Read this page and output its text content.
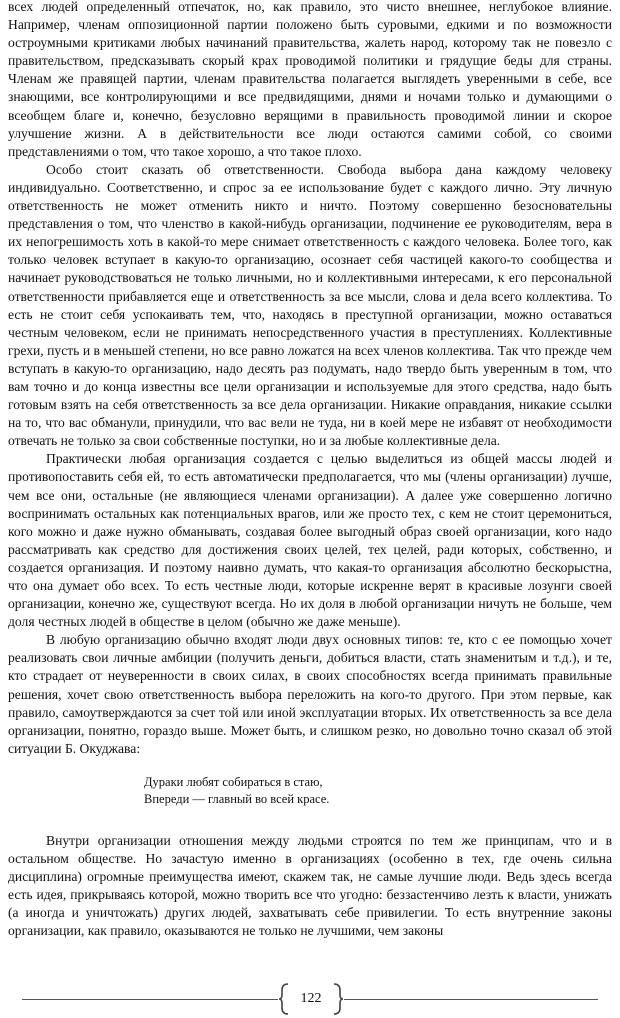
всех людей определенный отпечаток, но, как правило, это чисто внешнее, неглубокое влияние. Например, членам оппозиционной партии положено быть суровыми, едкими и по возможности остроумными критиками любых начинаний правительства, жалеть народ, которому так не повезло с правительством, предсказывать скорый крах проводимой политики и грядущие беды для страны. Членам же правящей партии, членам правительства полагается выглядеть уверенными в себе, все знающими, все контролирующими и все предвидящими, днями и ночами только и думающими о всеобщем благе и, конечно, безусловно верящими в правильность проводимой линии и скорое улучшение жизни. А в действительности все люди остаются самими собой, со своими представлениями о том, что такое хорошо, а что такое плохо.

Особо стоит сказать об ответственности. Свобода выбора дана каждому человеку индивидуально. Соответственно, и спрос за ее использование будет с каждого лично. Эту личную ответственность не может отменить никто и ничто. Поэтому совершенно безосновательны представления о том, что членство в какой-нибудь организации, подчинение ее руководителям, вера в их непогрешимость хоть в какой-то мере снимает ответственность с каждого человека. Более того, как только человек вступает в какую-то организацию, осознает себя частицей какого-то сообщества и начинает руководствоваться не только личными, но и коллективными интересами, к его персональной ответственности прибавляется еще и ответственность за все мысли, слова и дела всего коллектива. То есть не стоит себя успокаивать тем, что, находясь в преступной организации, можно оставаться честным человеком, если не принимать непосредственного участия в преступлениях. Коллективные грехи, пусть и в меньшей степени, но все равно ложатся на всех членов коллектива. Так что прежде чем вступать в какую-то организацию, надо десять раз подумать, надо твердо быть уверенным в том, что вам точно и до конца известны все цели организации и используемые для этого средства, надо быть готовым взять на себя ответственность за все дела организации. Никакие оправдания, никакие ссылки на то, что вас обманули, принудили, что вас вели не туда, ни в коей мере не избавят от необходимости отвечать не только за свои собственные поступки, но и за любые коллективные дела.

Практически любая организация создается с целью выделиться из общей массы людей и противопоставить себя ей, то есть автоматически предполагается, что мы (члены организации) лучше, чем все они, остальные (не являющиеся членами организации). А далее уже совершенно логично воспринимать остальных как потенциальных врагов, или же просто тех, с кем не стоит церемониться, кого можно и даже нужно обманывать, создавая более выгодный образ своей организации, кого надо рассматривать как средство для достижения своих целей, тех целей, ради которых, собственно, и создается организация. И поэтому наивно думать, что какая-то организация абсолютно бескорыстна, что она думает обо всех. То есть честные люди, которые искренне верят в красивые лозунги своей организации, конечно же, существуют всегда. Но их доля в любой организации ничуть не больше, чем доля честных людей в обществе в целом (обычно же даже меньше).

В любую организацию обычно входят люди двух основных типов: те, кто с ее помощью хочет реализовать свои личные амбиции (получить деньги, добиться власти, стать знаменитым и т.д.), и те, кто страдает от неуверенности в своих силах, в своих способностях всегда принимать правильные решения, хочет свою ответственность выбора переложить на кого-то другого. При этом первые, как правило, самоутверждаются за счет той или иной эксплуатации вторых. Их ответственность за все дела организации, понятно, гораздо выше. Может быть, и слишком резко, но довольно точно сказал об этой ситуации Б. Окуджава:

Дураки любят собираться в стаю,
Впереди — главный во всей красе.

Внутри организации отношения между людьми строятся по тем же принципам, что и в остальном обществе. Но зачастую именно в организациях (особенно в тех, где очень сильна дисциплина) огромные преимущества имеют, скажем так, не самые лучшие люди. Ведь здесь всегда есть идея, прикрываясь которой, можно творить все что угодно: беззастенчиво лезть к власти, унижать (а иногда и уничтожать) других людей, захватывать себе привилегии. То есть внутренние законы организации, как правило, оказываются не только не лучшими, чем законы

122
